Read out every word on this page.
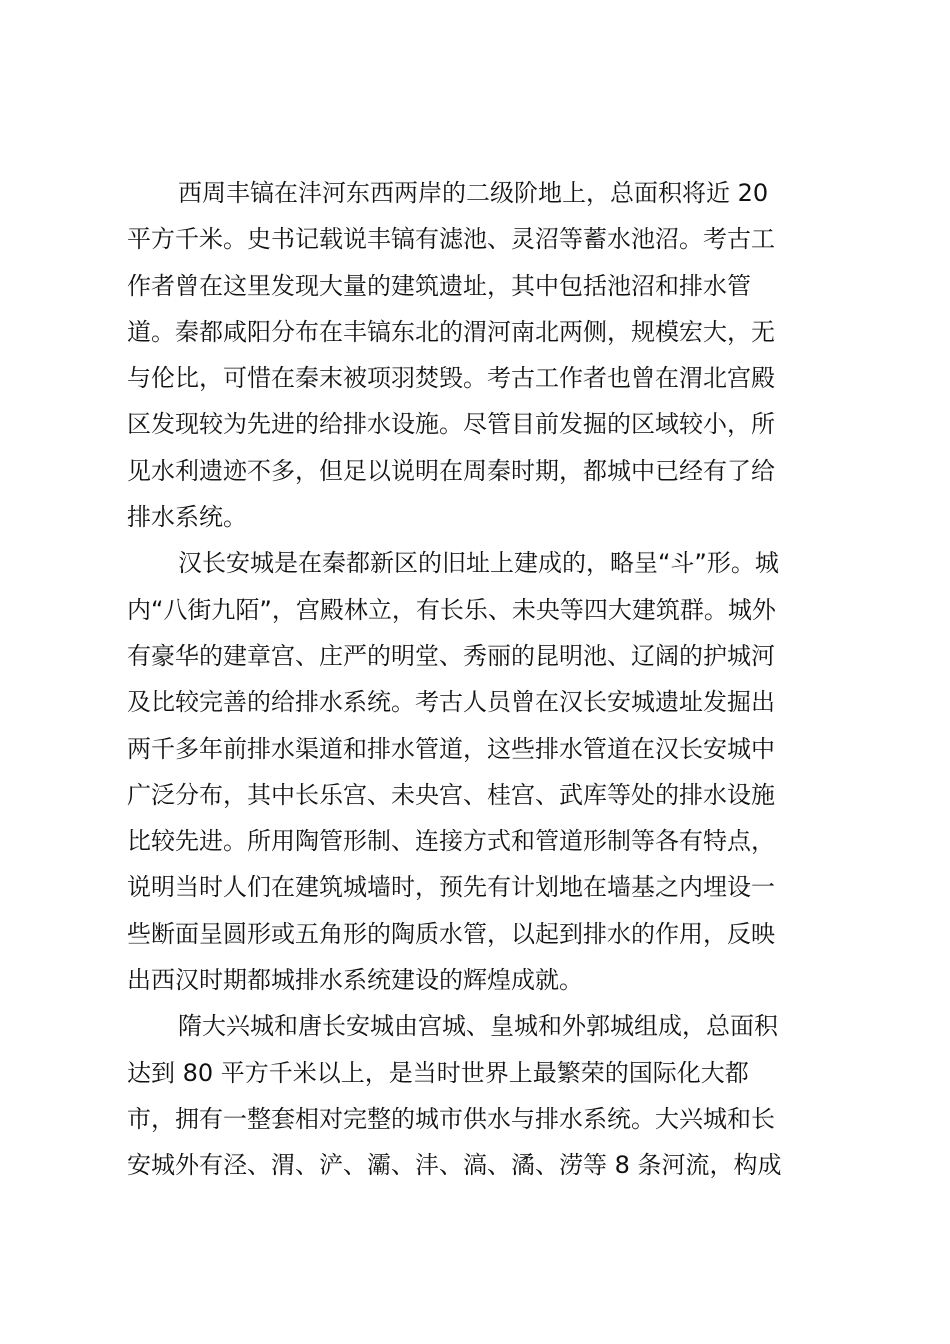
西周丰镐在沣河东西两岸的二级阶地上，总面积将近 20
平方千米。史书记载说丰镐有滤池、灵沼等蓄水池沼。考古工
作者曾在这里发现大量的建筑遗址，其中包括池沼和排水管
道。秦都咸阳分布在丰镐东北的渭河南北两侧，规模宏大，无
与伦比，可惜在秦末被项羽焚毁。考古工作者也曾在渭北宫殿
区发现较为先进的给排水设施。尽管目前发掘的区域较小，所
见水利遗迹不多，但足以说明在周秦时期，都城中已经有了给
排水系统。
汉长安城是在秦都新区的旧址上建成的，略呈“斗”形。城
内“八街九陌”，宫殿林立，有长乐、未央等四大建筑群。城外
有豪华的建章宫、庄严的明堂、秀丽的昆明池、辽阔的护城河
及比较完善的给排水系统。考古人员曾在汉长安城遗址发掘出
两千多年前排水渠道和排水管道，这些排水管道在汉长安城中
广泛分布，其中长乐宫、未央宫、桂宫、武库等处的排水设施
比较先进。所用陶管形制、连接方式和管道形制等各有特点，
说明当时人们在建筑城墙时，预先有计划地在墙基之内埋设一
些断面呈圆形或五角形的陶质水管，以起到排水的作用，反映
出西汉时期都城排水系统建设的辉煌成就。
隋大兴城和唐长安城由宫城、皇城和外郭城组成，总面积
达到 80 平方千米以上，是当时世界上最繁荣的国际化大都
市，拥有一整套相对完整的城市供水与排水系统。大兴城和长
安城外有泾、渭、浐、灞、沣、滈、潏、涝等 8 条河流，构成
